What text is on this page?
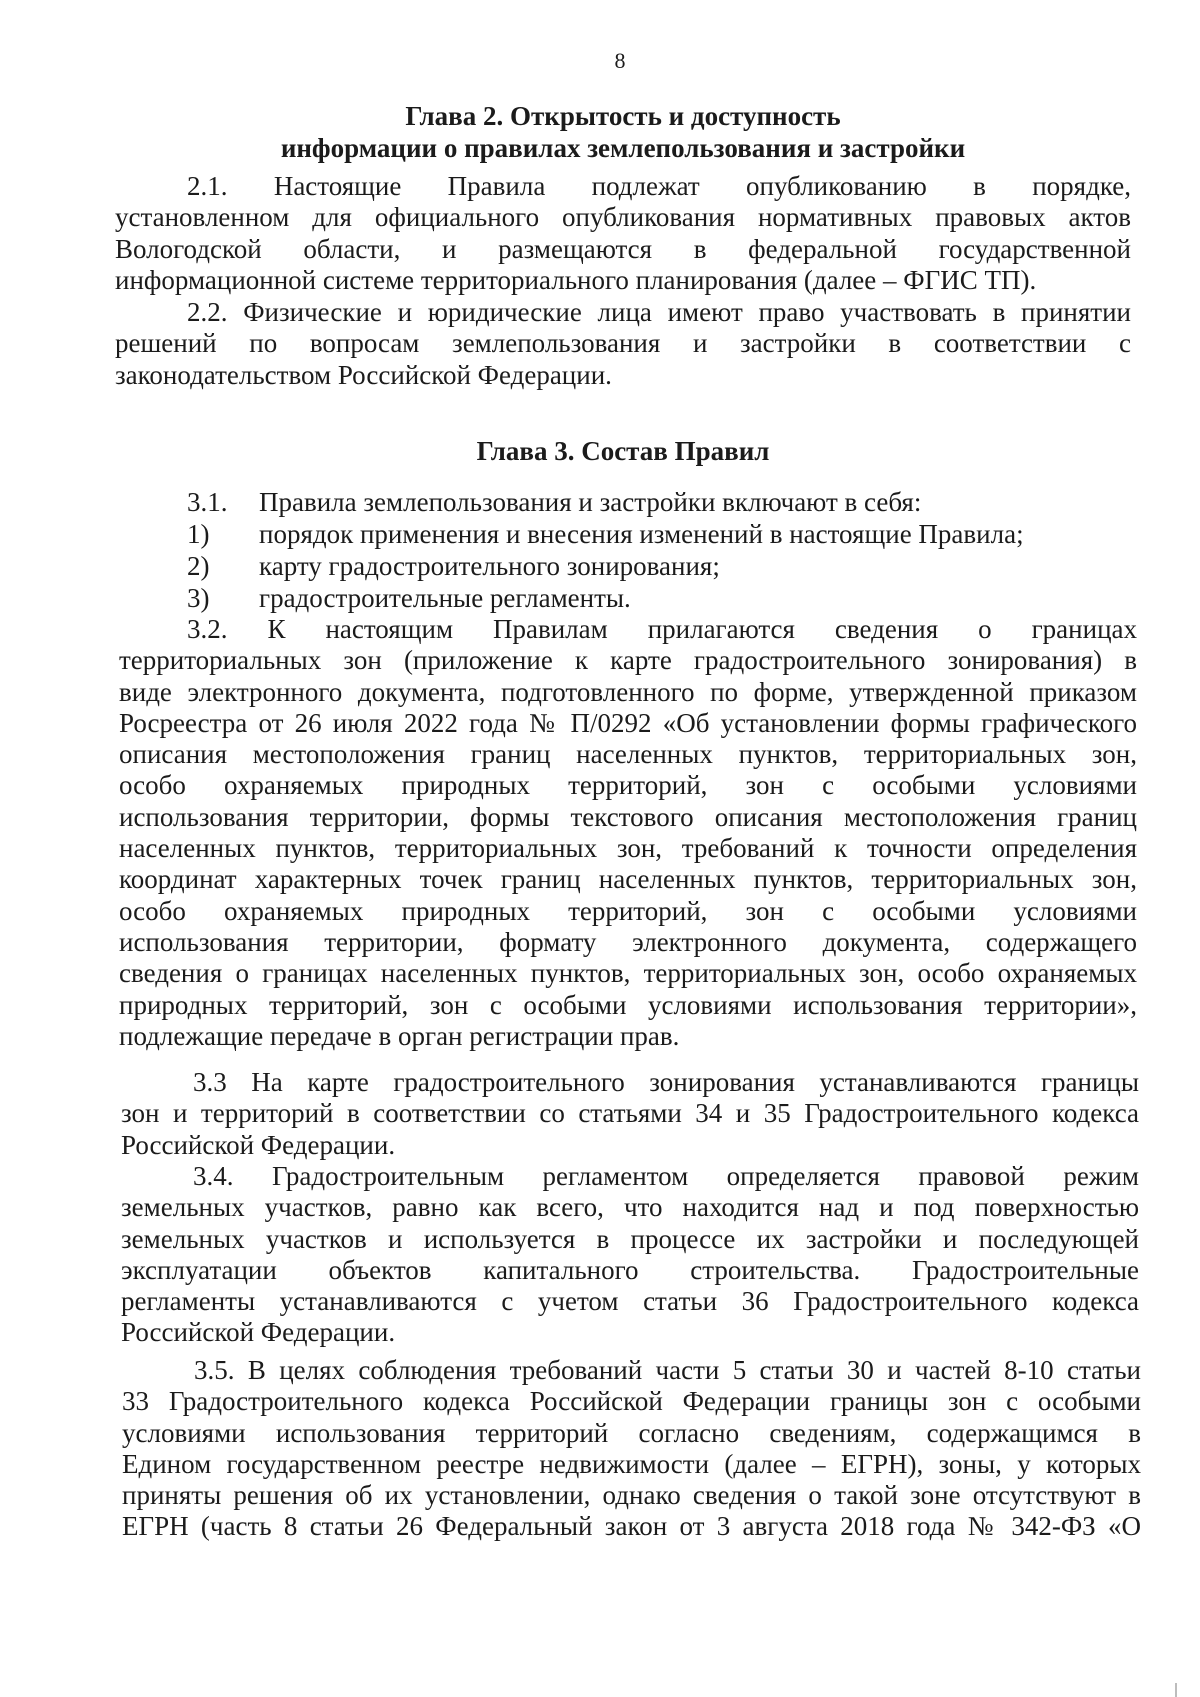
8
Глава 2. Открытость и доступность
информации о правилах землепользования и застройки
2.1. Настоящие Правила подлежат опубликованию в порядке,
установленном для официального опубликования нормативных правовых актов
Вологодской области, и размещаются в федеральной государственной
информационной системе территориального планирования (далее – ФГИС ТП).
2.2. Физические и юридические лица имеют право участвовать в принятии
решений по вопросам землепользования и застройки в соответствии с
законодательством Российской Федерации.
Глава 3. Состав Правил
3.1. Правила землепользования и застройки включают в себя:
1) порядок применения и внесения изменений в настоящие Правила;
2) карту градостроительного зонирования;
3) градостроительные регламенты.
3.2. К настоящим Правилам прилагаются сведения о границах
территориальных зон (приложение к карте градостроительного зонирования) в
виде электронного документа, подготовленного по форме, утвержденной приказом
Росреестра от 26 июля 2022 года № П/0292 «Об установлении формы графического
описания местоположения границ населенных пунктов, территориальных зон,
особо охраняемых природных территорий, зон с особыми условиями
использования территории, формы текстового описания местоположения границ
населенных пунктов, территориальных зон, требований к точности определения
координат характерных точек границ населенных пунктов, территориальных зон,
особо охраняемых природных территорий, зон с особыми условиями
использования территории, формату электронного документа, содержащего
сведения о границах населенных пунктов, территориальных зон, особо охраняемых
природных территорий, зон с особыми условиями использования территории»,
подлежащие передаче в орган регистрации прав.
3.3 На карте градостроительного зонирования устанавливаются границы
зон и территорий в соответствии со статьями 34 и 35 Градостроительного кодекса
Российской Федерации.
3.4. Градостроительным регламентом определяется правовой режим
земельных участков, равно как всего, что находится над и под поверхностью
земельных участков и используется в процессе их застройки и последующей
эксплуатации объектов капитального строительства. Градостроительные
регламенты устанавливаются с учетом статьи 36 Градостроительного кодекса
Российской Федерации.
3.5. В целях соблюдения требований части 5 статьи 30 и частей 8-10 статьи
33 Градостроительного кодекса Российской Федерации границы зон с особыми
условиями использования территорий согласно сведениям, содержащимся в
Едином государственном реестре недвижимости (далее – ЕГРН), зоны, у которых
приняты решения об их установлении, однако сведения о такой зоне отсутствуют в
ЕГРН (часть 8 статьи 26 Федеральный закон от 3 августа 2018 года № 342-ФЗ «О
